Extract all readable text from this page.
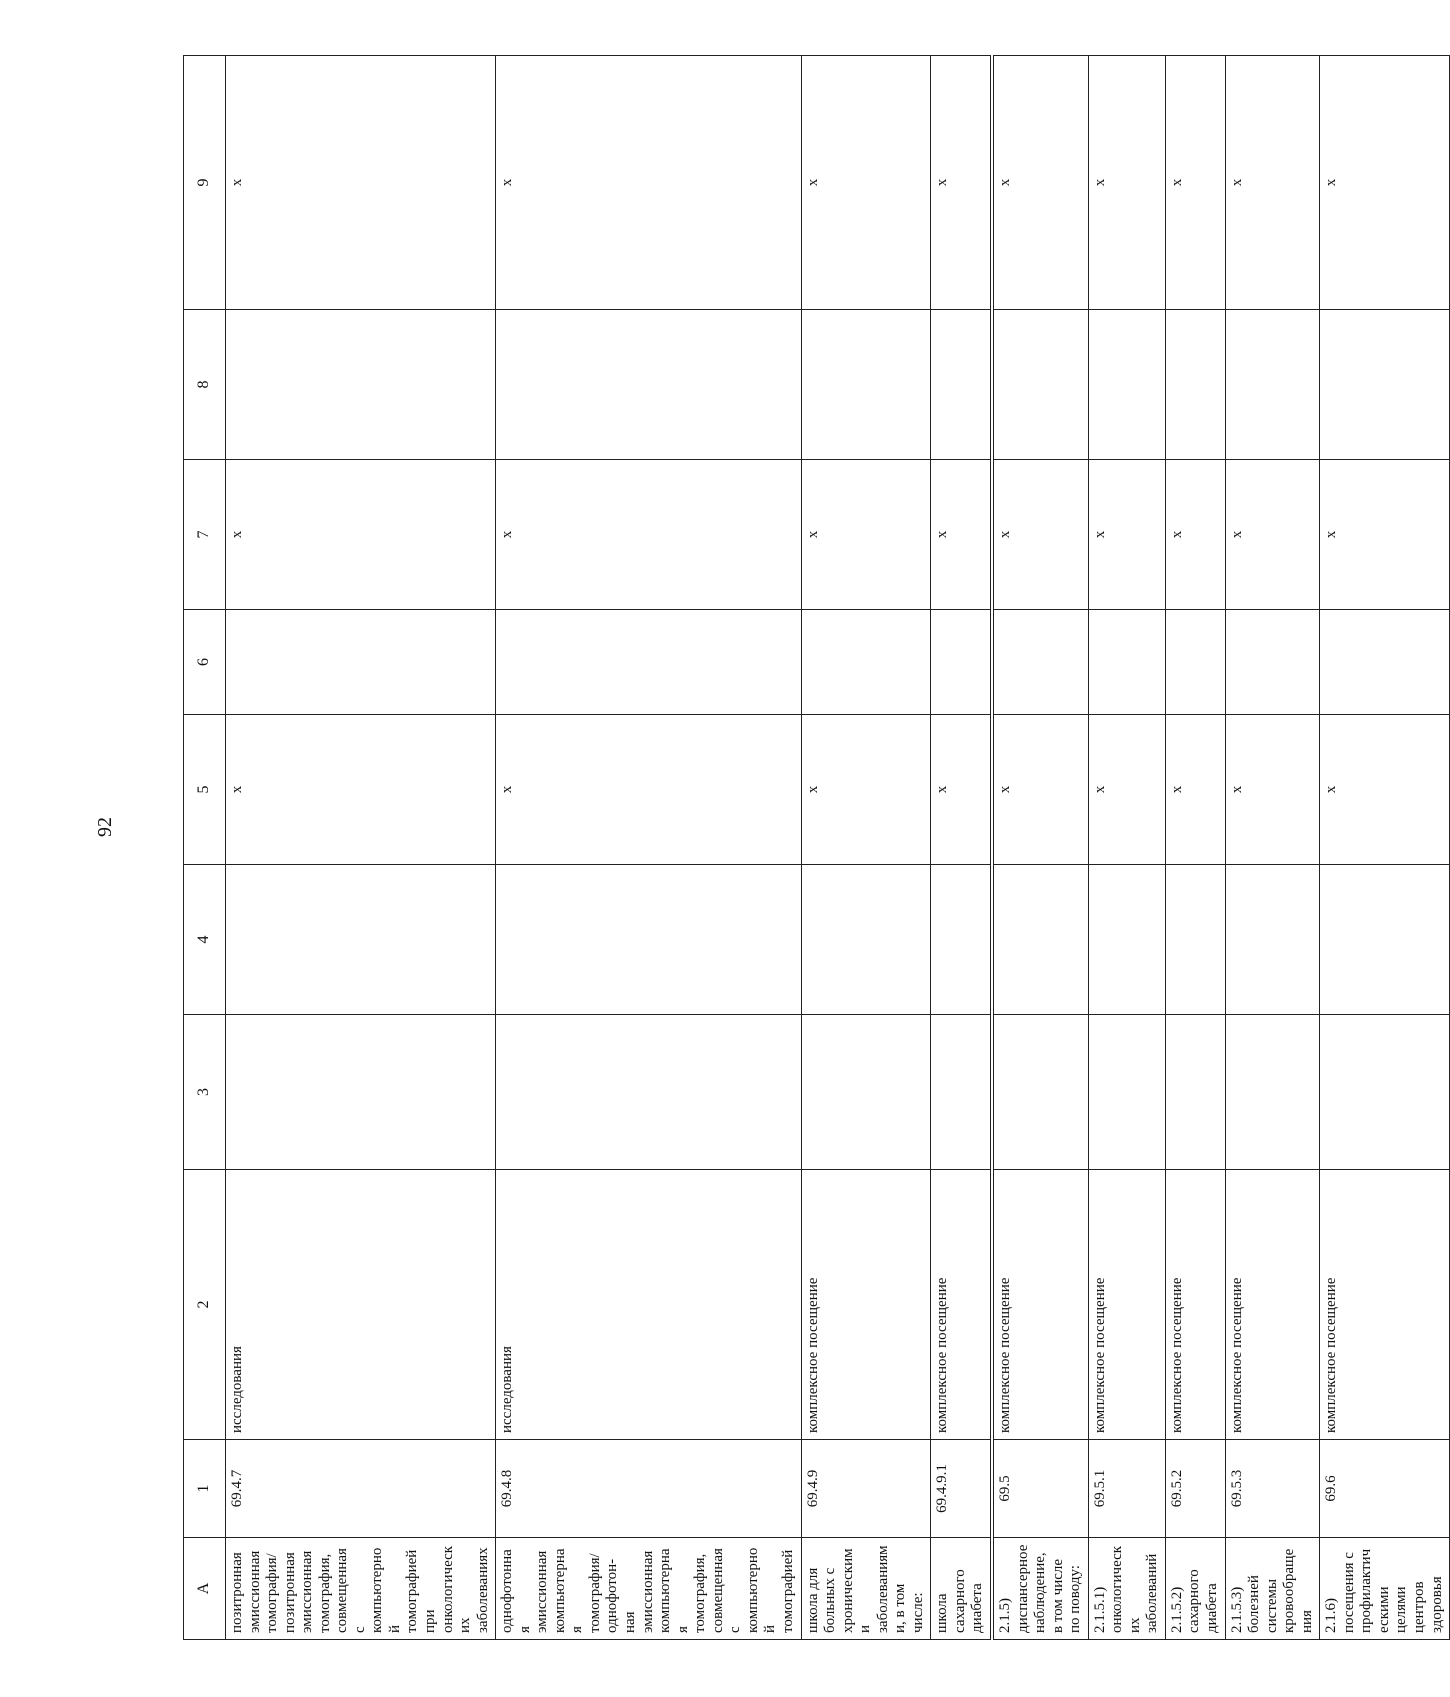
92
А	1	2	3	4	5	6	7	8	9
позитронная эмиссионная томография/позитронная эмиссионная томография, совмещенная с компьютерной томографией при онкологических заболеваниях	69.4.7	исследования			х		х		х
однофотонная эмиссионная компьютерная томография/однофотон-ная эмиссионная компьютерная томография, совмещенная с компьютерной томографией	69.4.8	исследования			х		х		х
школа для больных с хроническими заболеваниями, в том числе:	69.4.9	комплексное посещение			х		х		х
школа сахарного диабета	69.4.9.1	комплексное посещение			х		х		х
2.1.5) диспансерное наблюдение, в том числе по поводу:	69.5	комплексное посещение			х		х		х
2.1.5.1) онкологических заболеваний	69.5.1	комплексное посещение			х		х		х
2.1.5.2) сахарного диабета	69.5.2	комплексное посещение			х		х		х
2.1.5.3) болезней системы кровообращения	69.5.3	комплексное посещение			х		х		х
2.1.6) посещения с профилактическими целями центров здоровья	69.6	комплексное посещение			х		х		х
